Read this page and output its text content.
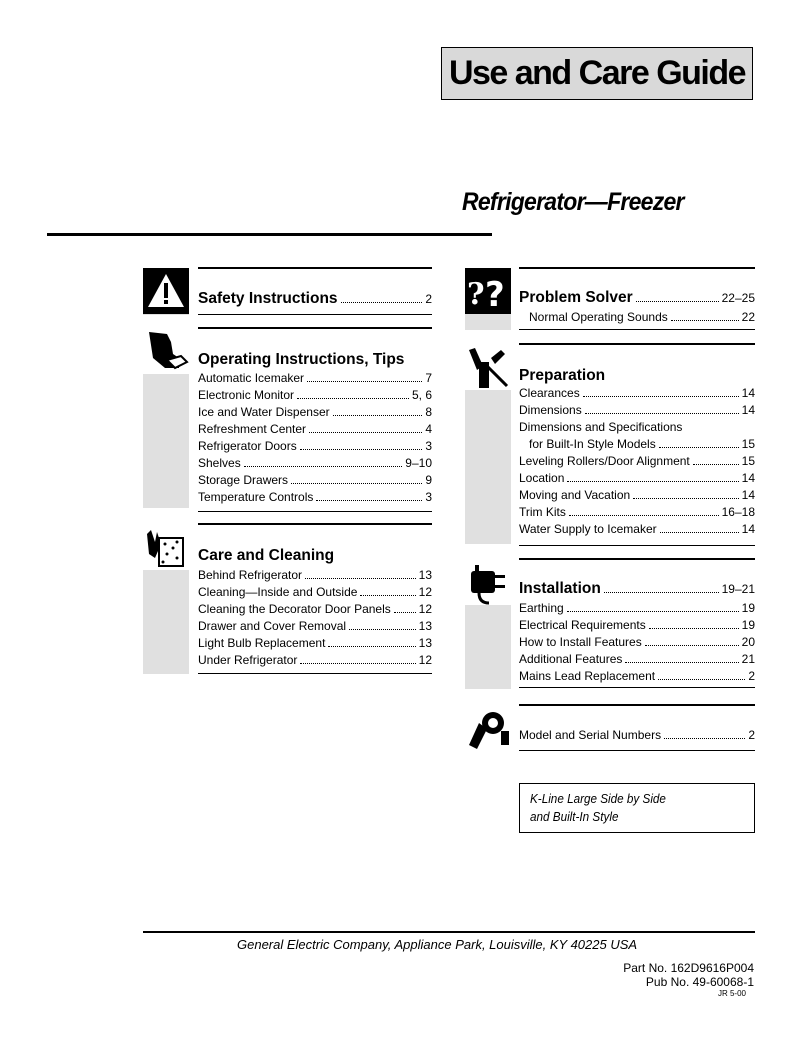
Use and Care Guide
Refrigerator—Freezer
Safety Instructions	2
Operating Instructions, Tips
Automatic Icemaker	7
Electronic Monitor	5, 6
Ice and Water Dispenser	8
Refreshment Center	4
Refrigerator Doors	3
Shelves	9–10
Storage Drawers	9
Temperature Controls	3
Care and Cleaning
Behind Refrigerator	13
Cleaning—Inside and Outside	12
Cleaning the Decorator Door Panels 12
Drawer and Cover Removal	13
Light Bulb Replacement	13
Under Refrigerator	12
? ? Problem Solver	22–25
Normal Operating Sounds	22
Preparation
Clearances	14
Dimensions	14
Dimensions and Specifications
for Built-In Style Models	15
Leveling Rollers/Door Alignment	15
Location	14
Moving and Vacation	14
Trim Kits	16–18
Water Supply to Icemaker	14
Installation	19–21
Earthing	19
Electrical Requirements	19
How to Install Features	20
Additional Features	21
Mains Lead Replacement	2
Model and Serial Numbers	2
K-Line Large Side by Side
and Built-In Style
General Electric Company, Appliance Park, Louisville, KY 40225 USA
Part No. 162D9616P004
Pub No. 49-60068-1
JR 5-00
